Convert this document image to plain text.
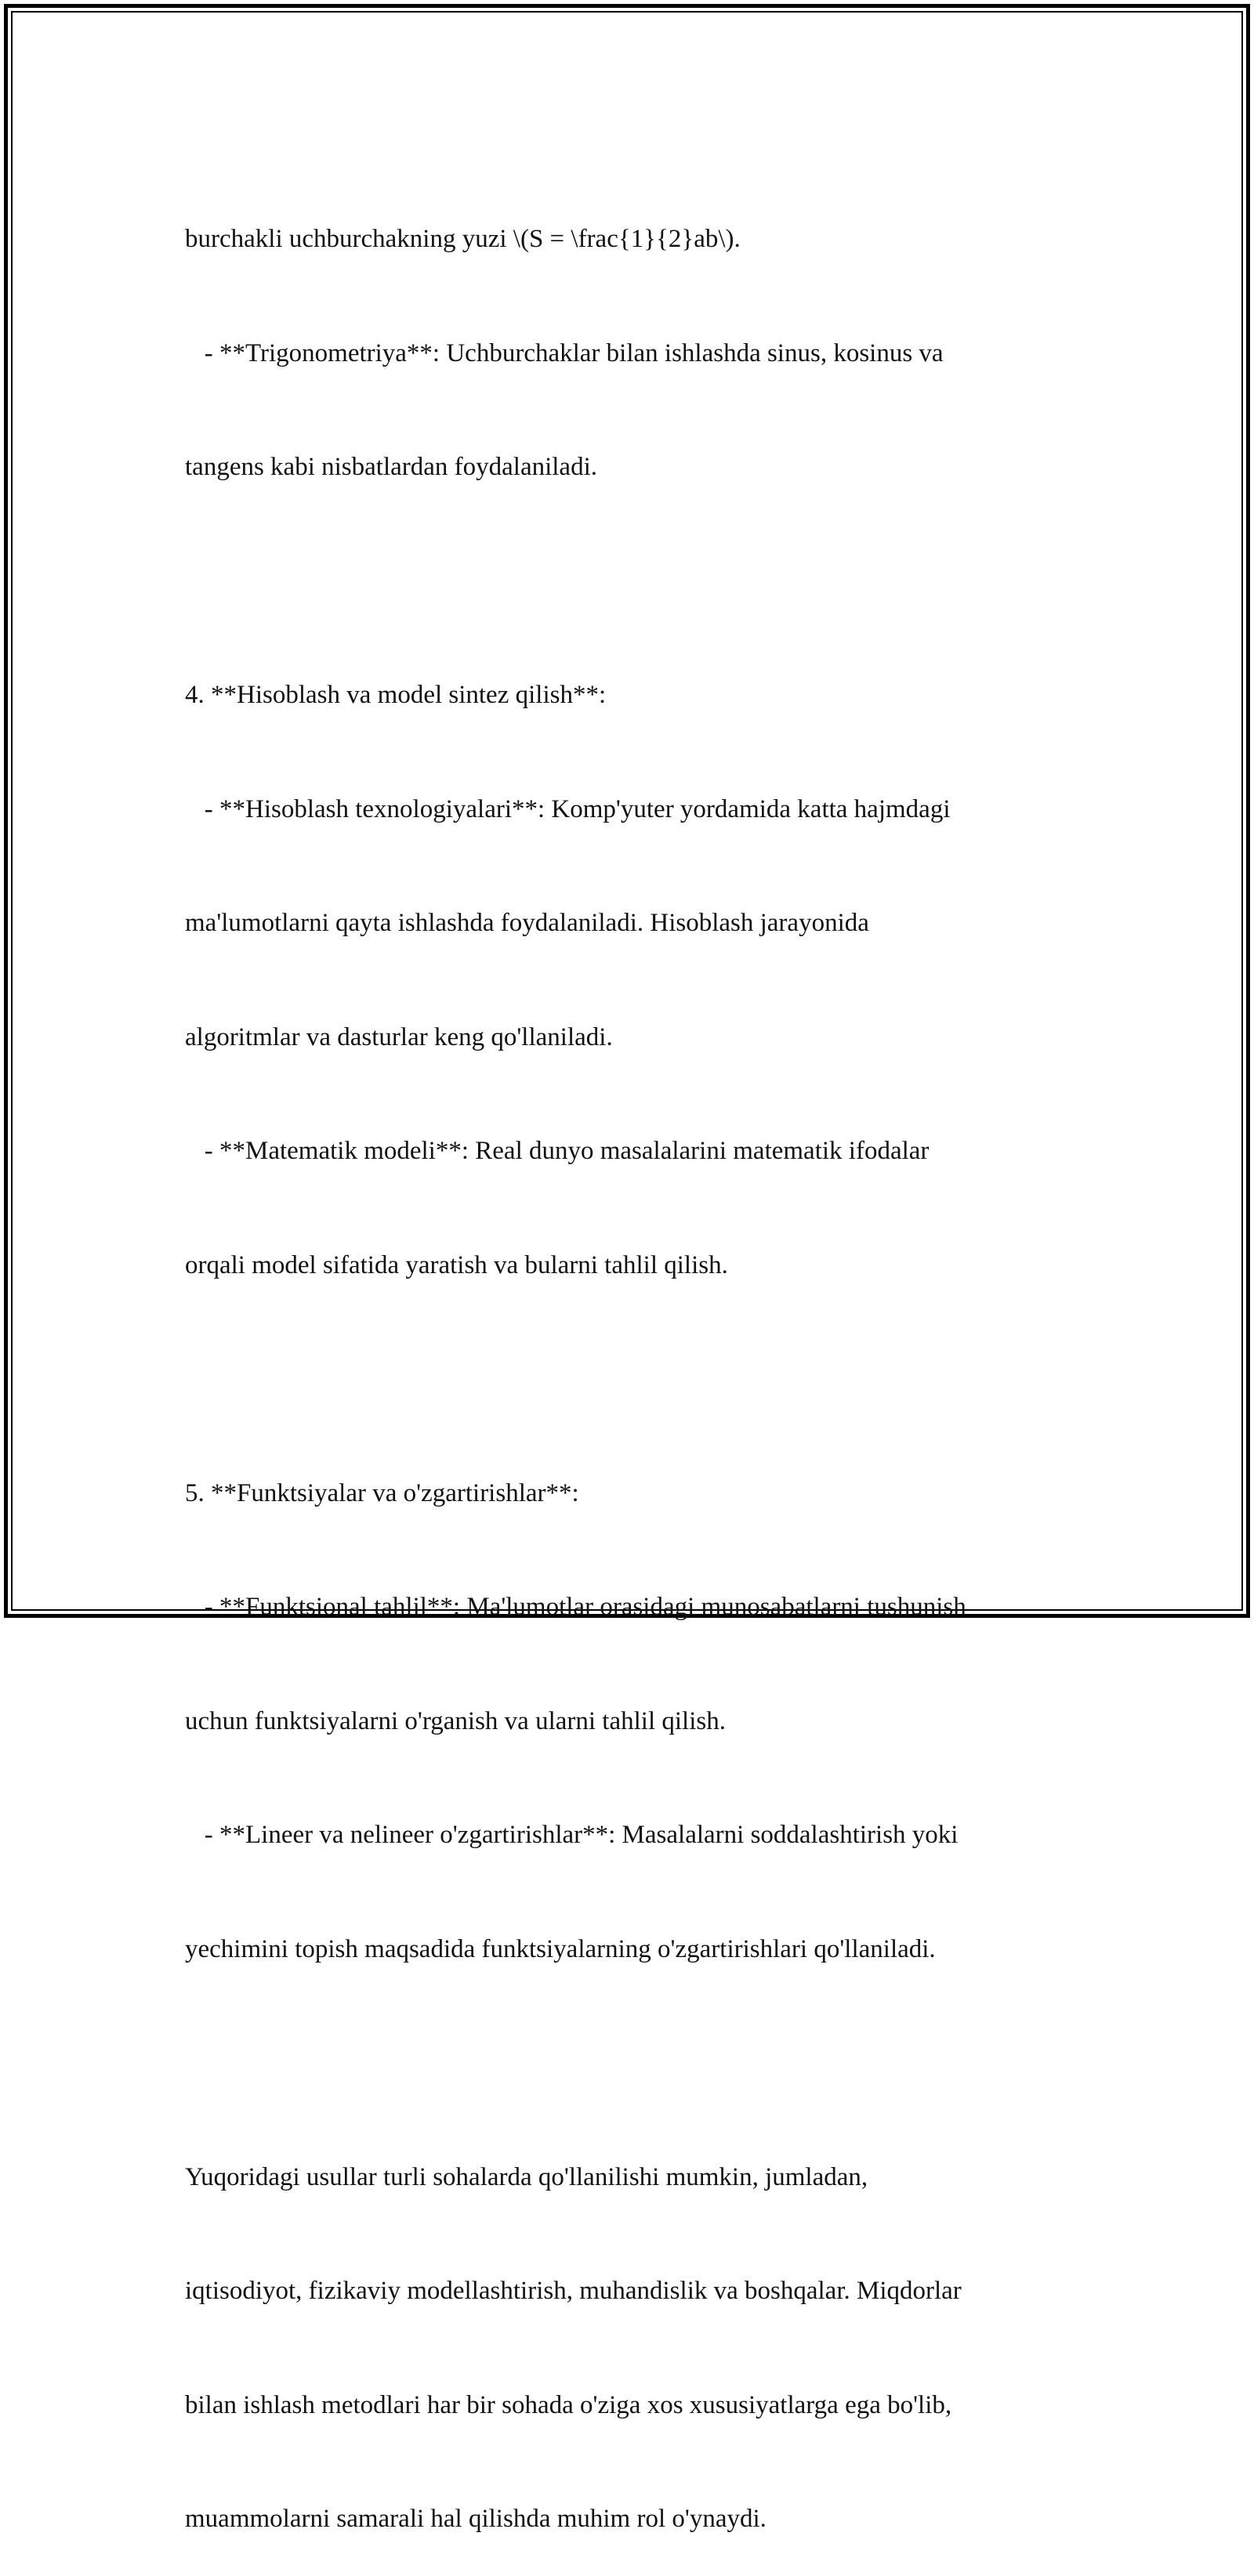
burchakli uchburchakning yuzi \(S = \frac{1}{2}ab\).

- **Trigonometriya**: Uchburchaklar bilan ishlashda sinus, kosinus va

tangens kabi nisbatlardan foydalaniladi.

4. **Hisoblash va model sintez qilish**:

- **Hisoblash texnologiyalari**: Komp'yuter yordamida katta hajmdagi

ma'lumotlarni qayta ishlashda foydalaniladi. Hisoblash jarayonida

algoritmlar va dasturlar keng qo'llaniladi.

- **Matematik modeli**: Real dunyo masalalarini matematik ifodalar

orqali model sifatida yaratish va bularni tahlil qilish.

5. **Funktsiyalar va o'zgartirishlar**:

- **Funktsional tahlil**: Ma'lumotlar orasidagi munosabatlarni tushunish

uchun funktsiyalarni o'rganish va ularni tahlil qilish.

- **Lineer va nelineer o'zgartirishlar**: Masalalarni soddalashtirish yoki

yechimini topish maqsadida funktsiyalarning o'zgartirishlari qo'llaniladi.

Yuqoridagi usullar turli sohalarda qo'llanilishi mumkin, jumladan,

iqtisodiyot, fizikaviy modellashtirish, muhandislik va boshqalar. Miqdorlar

bilan ishlash metodlari har bir sohada o'ziga xos xususiyatlarga ega bo'lib,

muammolarni samarali hal qilishda muhim rol o'ynaydi.
